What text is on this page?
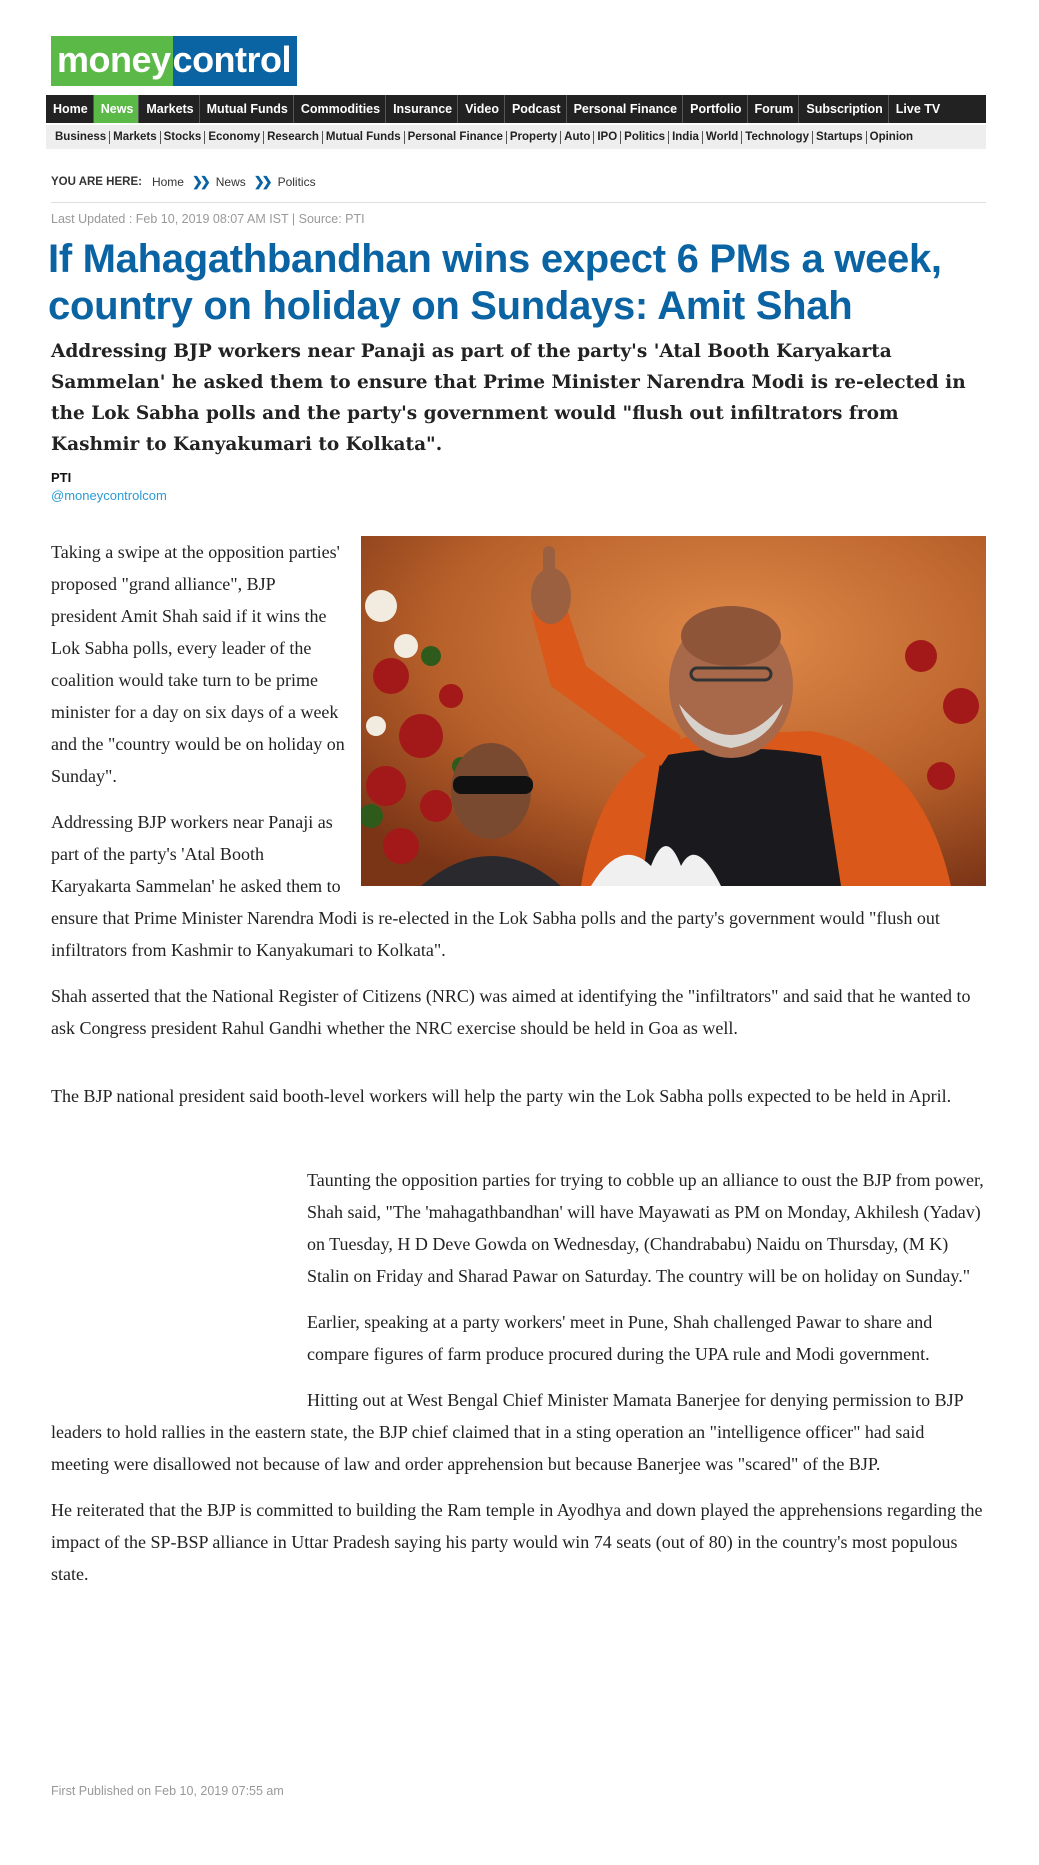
money control
Home	News	Markets	Mutual Funds	Commodities	Insurance	Video	Podcast	Personal Finance	Portfolio	Forum	Subscription	Live TV
Business Markets Stocks Economy Research Mutual Funds Personal Finance Property Auto IPO Politics India World Technology Startups Opinion
YOU ARE HERE: Home ❯❯ News ❯❯ Politics
Last Updated : Feb 10, 2019 08:07 AM IST | Source: PTI
If Mahagathbandhan wins expect 6 PMs a week, country on holiday on Sundays: Amit Shah

Addressing BJP workers near Panaji as part of the party's 'Atal Booth Karyakarta Sammelan' he asked them to ensure that Prime Minister Narendra Modi is re-elected in the Lok Sabha polls and the party's government would "flush out infiltrators from Kashmir to Kanyakumari to Kolkata".

PTI
@moneycontrolcom

Taking a swipe at the opposition parties' proposed "grand alliance", BJP president Amit Shah said if it wins the Lok Sabha polls, every leader of the coalition would take turn to be prime minister for a day on six days of a week and the "country would be on holiday on Sunday".

Addressing BJP workers near Panaji as part of the party's 'Atal Booth Karyakarta Sammelan' he asked them to ensure that Prime Minister Narendra Modi is re-elected in the Lok Sabha polls and the party's government would "flush out infiltrators from Kashmir to Kanyakumari to Kolkata".

Shah asserted that the National Register of Citizens (NRC) was aimed at identifying the "infiltrators" and said that he wanted to ask Congress president Rahul Gandhi whether the NRC exercise should be held in Goa as well.

The BJP national president said booth-level workers will help the party win the Lok Sabha polls expected to be held in April.

Taunting the opposition parties for trying to cobble up an alliance to oust the BJP from power, Shah said, "The 'mahagathbandhan' will have Mayawati as PM on Monday, Akhilesh (Yadav) on Tuesday, H D Deve Gowda on Wednesday, (Chandrababu) Naidu on Thursday, (M K) Stalin on Friday and Sharad Pawar on Saturday. The country will be on holiday on Sunday."

Earlier, speaking at a party workers' meet in Pune, Shah challenged Pawar to share and compare figures of farm produce procured during the UPA rule and Modi government.

Hitting out at West Bengal Chief Minister Mamata Banerjee for denying permission to BJP leaders to hold rallies in the eastern state, the BJP chief claimed that in a sting operation an "intelligence officer" had said meeting were disallowed not because of law and order apprehension but because Banerjee was "scared" of the BJP.

He reiterated that the BJP is committed to building the Ram temple in Ayodhya and down played the apprehensions regarding the impact of the SP-BSP alliance in Uttar Pradesh saying his party would win 74 seats (out of 80) in the country's most populous state.

First Published on Feb 10, 2019 07:55 am
